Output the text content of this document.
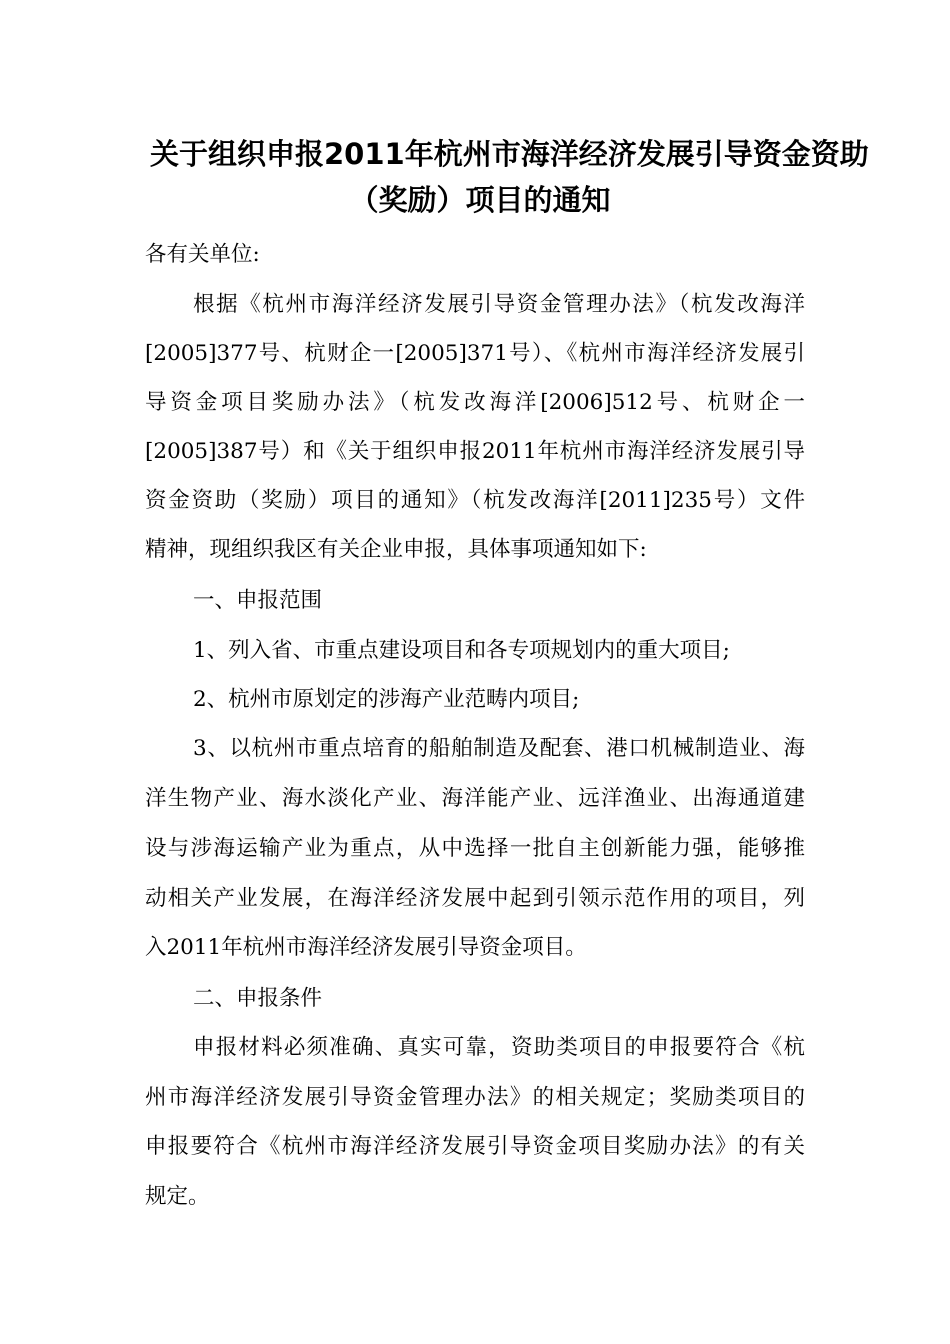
关于组织申报2011年杭州市海洋经济发展引导资金资助
（奖励）项目的通知
各有关单位:
根据《杭州市海洋经济发展引导资金管理办法》（杭发改海洋
[2005]377号、杭财企一[2005]371号）、《杭州市海洋经济发展引
导资金项目奖励办法》（杭发改海洋[2006]512号、杭财企一
[2005]387号）和《关于组织申报2011年杭州市海洋经济发展引导
资金资助（奖励）项目的通知》（杭发改海洋[2011]235号）文件
精神，现组织我区有关企业申报，具体事项通知如下:
一、申报范围
1、列入省、市重点建设项目和各专项规划内的重大项目;
2、杭州市原划定的涉海产业范畴内项目;
3、以杭州市重点培育的船舶制造及配套、港口机械制造业、海
洋生物产业、海水淡化产业、海洋能产业、远洋渔业、出海通道建
设与涉海运输产业为重点，从中选择一批自主创新能力强，能够推
动相关产业发展，在海洋经济发展中起到引领示范作用的项目，列
入2011年杭州市海洋经济发展引导资金项目。
二、申报条件
申报材料必须准确、真实可靠，资助类项目的申报要符合《杭
州市海洋经济发展引导资金管理办法》的相关规定；奖励类项目的
申报要符合《杭州市海洋经济发展引导资金项目奖励办法》的有关
规定。
